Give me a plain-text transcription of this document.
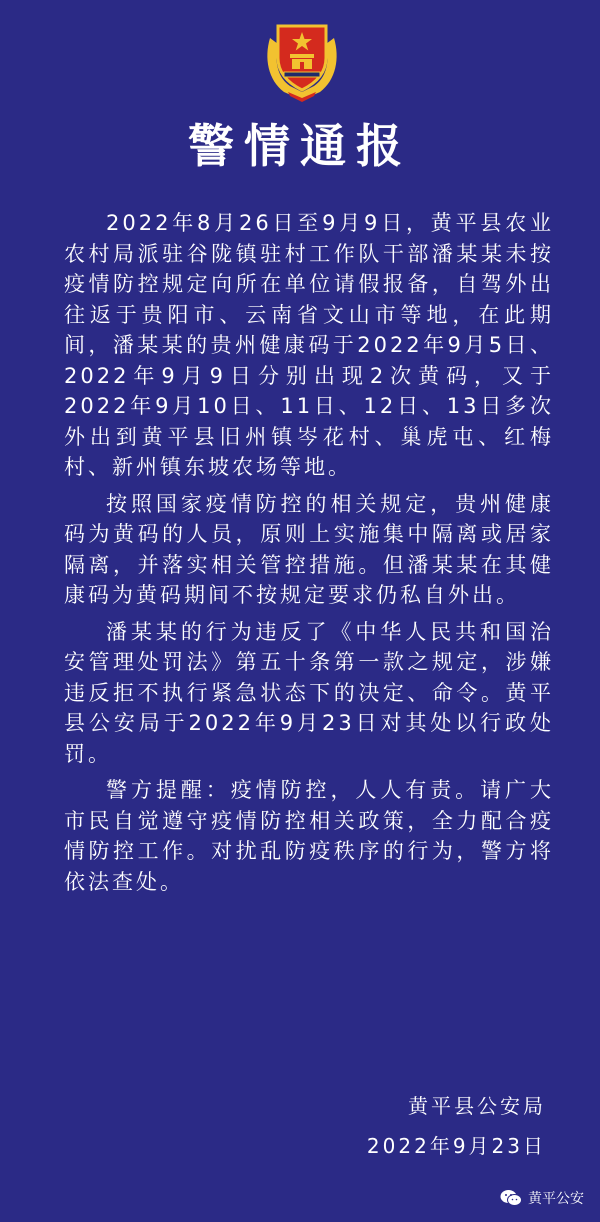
警情通报

2022年8月26日至9月9日，黄平县农业农村局派驻谷陇镇驻村工作队干部潘某某未按疫情防控规定向所在单位请假报备，自驾外出往返于贵阳市、云南省文山市等地，在此期间，潘某某的贵州健康码于2022年9月5日、2022年9月9日分别出现2次黄码，又于2022年9月10日、11日、12日、13日多次外出到黄平县旧州镇岑花村、巢虎屯、红梅村、新州镇东坡农场等地。

按照国家疫情防控的相关规定，贵州健康码为黄码的人员，原则上实施集中隔离或居家隔离，并落实相关管控措施。但潘某某在其健康码为黄码期间不按规定要求仍私自外出。

潘某某的行为违反了《中华人民共和国治安管理处罚法》第五十条第一款之规定，涉嫌违反拒不执行紧急状态下的决定、命令。黄平县公安局于2022年9月23日对其处以行政处罚。

警方提醒：疫情防控，人人有责。请广大市民自觉遵守疫情防控相关政策，全力配合疫情防控工作。对扰乱防疫秩序的行为，警方将依法查处。

黄平县公安局
2022年9月23日
黄平公安
